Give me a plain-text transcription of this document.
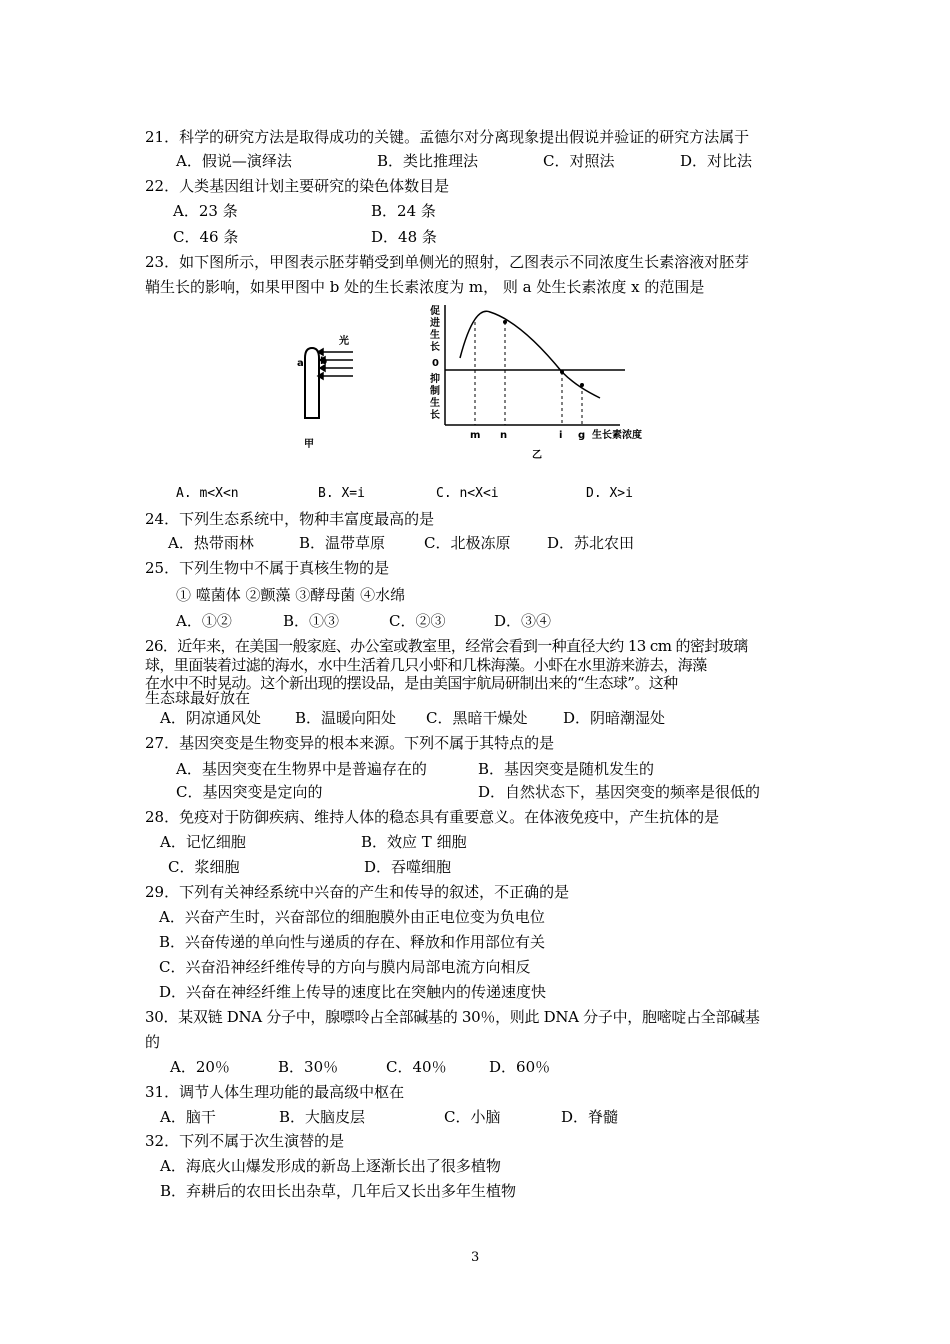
21．科学的研究方法是取得成功的关键。孟德尔对分离现象提出假说并验证的研究方法属于
A．假说—演绎法	B．类比推理法	C．对照法	D．对比法
22．人类基因组计划主要研究的染色体数目是
A．23 条	B．24 条
C．46 条	D．48 条
23．如下图所示，甲图表示胚芽鞘受到单侧光的照射，乙图表示不同浓度生长素溶液对胚芽
鞘生长的影响，如果甲图中 b 处的生长素浓度为 m， 则 a 处生长素浓度 x 的范围是
光
a b
甲
促
进
生
长
0
抑
制
生
长
m n	i g 生长素浓度
乙
A. m<X<n	B. X=i	C. n<X<i	D. X>i
24．下列生态系统中，物种丰富度最高的是
A．热带雨林	B．温带草原	C．北极冻原 D．苏北农田
25．下列生物中不属于真核生物的是
① 噬菌体 ②颤藻 ③酵母菌 ④水绵
A．①②	B．①③	C．②③	D．③④
26．近年来，在美国一般家庭、办公室或教室里，经常会看到一种直径大约 13 cm 的密封玻璃
球，里面装着过滤的海水，水中生活着几只小虾和几株海藻。小虾在水里游来游去，海藻
在水中不时晃动。这个新出现的摆设品，是由美国宇航局研制出来的“生态球”。这种
生态球最好放在
A．阴凉通风处 B．温暖向阳处 C．黑暗干燥处 D．阴暗潮湿处
27．基因突变是生物变异的根本来源。下列不属于其特点的是
A．基因突变在生物界中是普遍存在的	B．基因突变是随机发生的
C．基因突变是定向的	D．自然状态下，基因突变的频率是很低的
28．免疫对于防御疾病、维持人体的稳态具有重要意义。在体液免疫中，产生抗体的是
A．记忆细胞	B．效应 T 细胞
C．浆细胞	D．吞噬细胞
29．下列有关神经系统中兴奋的产生和传导的叙述，不正确的是
A．兴奋产生时，兴奋部位的细胞膜外由正电位变为负电位
B．兴奋传递的单向性与递质的存在、释放和作用部位有关
C．兴奋沿神经纤维传导的方向与膜内局部电流方向相反
D．兴奋在神经纤维上传导的速度比在突触内的传递速度快
30．某双链 DNA 分子中，腺嘌呤占全部碱基的 30％，则此 DNA 分子中，胞嘧啶占全部碱基
的
A．20％	B．30％	C．40％	D．60％
31．调节人体生理功能的最高级中枢在
A．脑干	B．大脑皮层	C．小脑	D．脊髓
32．下列不属于次生演替的是
A．海底火山爆发形成的新岛上逐渐长出了很多植物
B．弃耕后的农田长出杂草，几年后又长出多年生植物
3
